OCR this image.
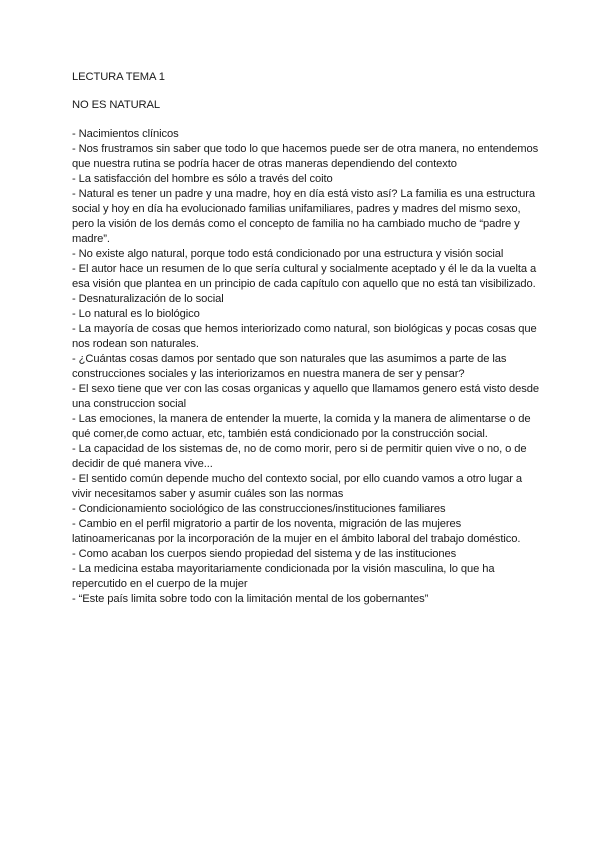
LECTURA TEMA 1

NO ES NATURAL

- Nacimientos clínicos
- Nos frustramos sin saber que todo lo que hacemos puede ser de otra manera, no entendemos que nuestra rutina se podría hacer de otras maneras dependiendo del contexto
- La satisfacción del hombre es sólo a través del coito
- Natural es tener un padre y una madre, hoy en día está visto así? La familia es una estructura social y hoy en día ha evolucionado familias unifamiliares, padres y madres del mismo sexo, pero la visión de los demás como el concepto de familia no ha cambiado mucho de “padre y madre”.
- No existe algo natural, porque todo está condicionado por una estructura y visión social
- El autor hace un resumen de lo que sería cultural y socialmente aceptado y él le da la vuelta a esa visión que plantea en un principio de cada capítulo con aquello que no está tan visibilizado.
- Desnaturalización de lo social
- Lo natural es lo biológico
- La mayoría de cosas que hemos interiorizado como natural, son biológicas y pocas cosas que nos rodean son naturales.
- ¿Cuántas cosas damos por sentado que son naturales que las asumimos a parte de las construcciones sociales y las interiorizamos en nuestra manera de ser y pensar?
- El sexo tiene que ver con las cosas organicas y aquello que llamamos genero está visto desde una construccion social
- Las emociones, la manera de entender la muerte, la comida y la manera de alimentarse o de qué comer,de como actuar, etc, también está condicionado por la construcción social.
- La capacidad de los sistemas de, no de como morir, pero si de permitir quien vive o no, o de decidir de qué manera vive...
- El sentido común depende mucho del contexto social, por ello cuando vamos a otro lugar a vivir necesitamos saber y asumir cuáles son las normas
- Condicionamiento sociológico de las construcciones/instituciones familiares
- Cambio en el perfil migratorio a partir de los noventa, migración de las mujeres latinoamericanas por la incorporación de la mujer en el ámbito laboral del trabajo doméstico.
- Como acaban los cuerpos siendo propiedad del sistema y de las instituciones
- La medicina estaba mayoritariamente condicionada por la visión masculina, lo que ha repercutido en el cuerpo de la mujer
- “Este país limita sobre todo con la limitación mental de los gobernantes”
